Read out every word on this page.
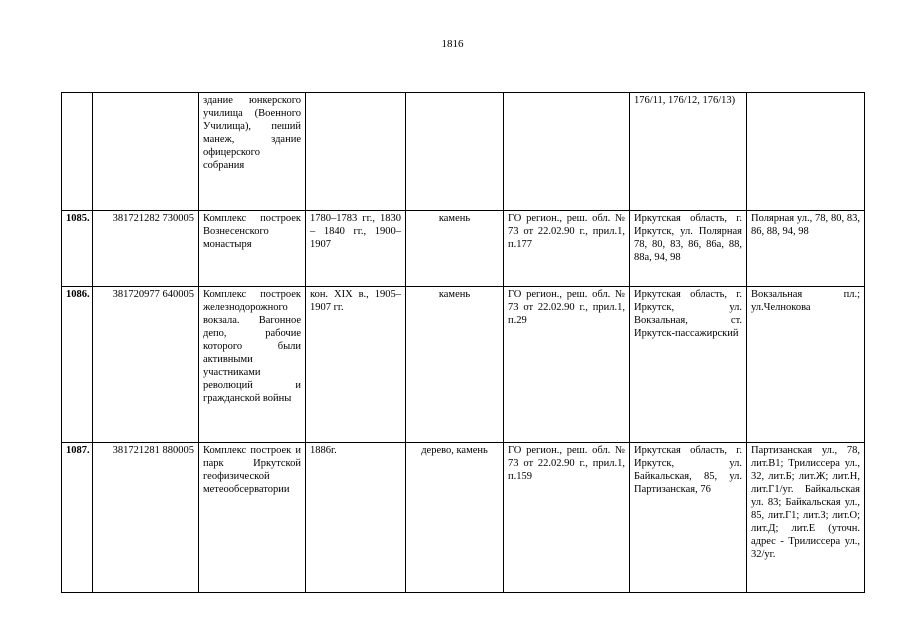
1816
		здание юнкерского училища (Военного Училища), пеший манеж, здание офицерского собрания				176/11, 176/12, 176/13)	
1085.	381721282 730005	Комплекс построек Вознесенского монастыря	1780–1783 гг., 1830 – 1840 гг., 1900–1907	камень	ГО регион., реш. обл. № 73 от 22.02.90 г., прил.1, п.177	Иркутская область, г. Иркутск, ул. Полярная 78, 80, 83, 86, 86а, 88, 88а, 94, 98	Полярная ул., 78, 80, 83, 86, 88, 94, 98
1086.	381720977 640005	Комплекс построек железнодорожного вокзала. Вагонное депо, рабочие которого были активными участниками революций и гражданской войны	кон. XIX в., 1905–1907 гг.	камень	ГО регион., реш. обл. № 73 от 22.02.90 г., прил.1, п.29	Иркутская область, г. Иркутск, ул. Вокзальная, ст. Иркутск-пассажирский	Вокзальная пл.; ул.Челнокова
1087.	381721281 880005	Комплекс построек и парк Иркутской геофизической метеообсерватории	1886г.	дерево, камень	ГО регион., реш. обл. № 73 от 22.02.90 г., прил.1, п.159	Иркутская область, г. Иркутск, ул. Байкальская, 85, ул. Партизанская, 76	Партизанская ул., 78, лит.В1; Трилиссера ул., 32, лит.Б; лит.Ж; лит.Н, лит.Г1/уг. Байкальская ул. 83; Байкальская ул., 85, лит.Г1; лит.З; лит.О; лит.Д; лит.Е (уточн. адрес - Трилиссера ул., 32/уг.
